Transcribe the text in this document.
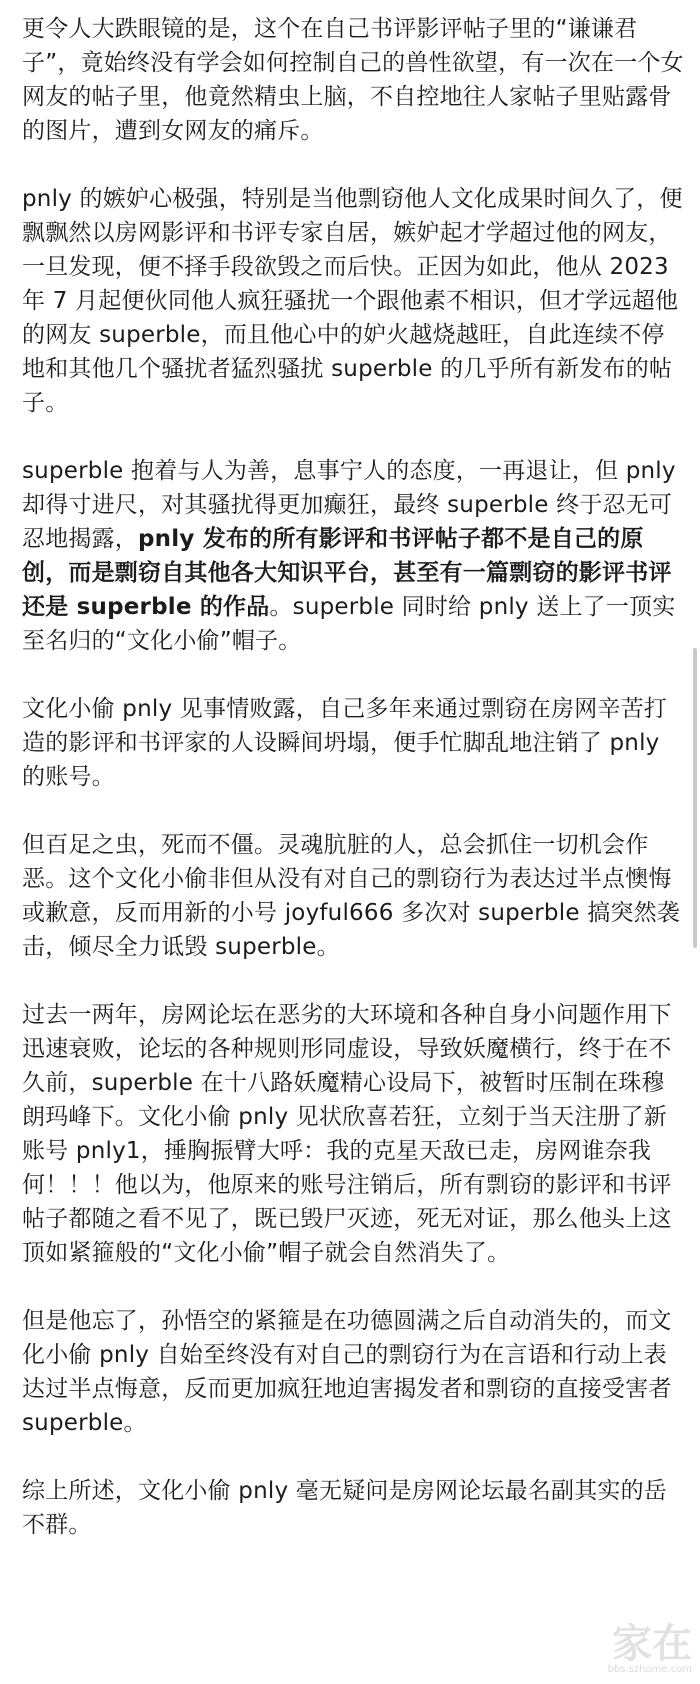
更令人大跌眼镜的是，这个在自己书评影评帖子里的“谦谦君子”，竟始终没有学会如何控制自己的兽性欲望，有一次在一个女网友的帖子里，他竟然精虫上脑，不自控地往人家帖子里贴露骨的图片，遭到女网友的痛斥。

pnly 的嫉妒心极强，特别是当他剽窃他人文化成果时间久了，便飘飘然以房网影评和书评专家自居，嫉妒起才学超过他的网友，一旦发现，便不择手段欲毁之而后快。正因为如此，他从 2023 年 7 月起便伙同他人疯狂骚扰一个跟他素不相识，但才学远超他的网友 superble，而且他心中的妒火越烧越旺，自此连续不停地和其他几个骚扰者猛烈骚扰 superble 的几乎所有新发布的帖子。

superble 抱着与人为善，息事宁人的态度，一再退让，但 pnly 却得寸进尺，对其骚扰得更加癫狂，最终 superble 终于忍无可忍地揭露，pnly 发布的所有影评和书评帖子都不是自己的原创，而是剽窃自其他各大知识平台，甚至有一篇剽窃的影评书评还是 superble 的作品。superble 同时给 pnly 送上了一顶实至名归的“文化小偷”帽子。

文化小偷 pnly 见事情败露，自己多年来通过剽窃在房网辛苦打造的影评和书评家的人设瞬间坍塌，便手忙脚乱地注销了 pnly 的账号。

但百足之虫，死而不僵。灵魂肮脏的人，总会抓住一切机会作恶。这个文化小偷非但从没有对自己的剽窃行为表达过半点懊悔或歉意，反而用新的小号 joyful666 多次对 superble 搞突然袭击，倾尽全力诋毁 superble。

过去一两年，房网论坛在恶劣的大环境和各种自身小问题作用下迅速衰败，论坛的各种规则形同虚设，导致妖魔横行，终于在不久前，superble 在十八路妖魔精心设局下，被暂时压制在珠穆朗玛峰下。文化小偷 pnly 见状欣喜若狂，立刻于当天注册了新账号 pnly1，捶胸振臂大呼：我的克星天敌已走，房网谁奈我何！！！他以为，他原来的账号注销后，所有剽窃的影评和书评帖子都随之看不见了，既已毁尸灭迹，死无对证，那么他头上这顶如紧箍般的“文化小偷”帽子就会自然消失了。

但是他忘了，孙悟空的紧箍是在功德圆满之后自动消失的，而文化小偷 pnly 自始至终没有对自己的剽窃行为在言语和行动上表达过半点悔意，反而更加疯狂地迫害揭发者和剽窃的直接受害者 superble。

综上所述，文化小偷 pnly 毫无疑问是房网论坛最名副其实的岳不群。

家在
bbs.szhome.com
